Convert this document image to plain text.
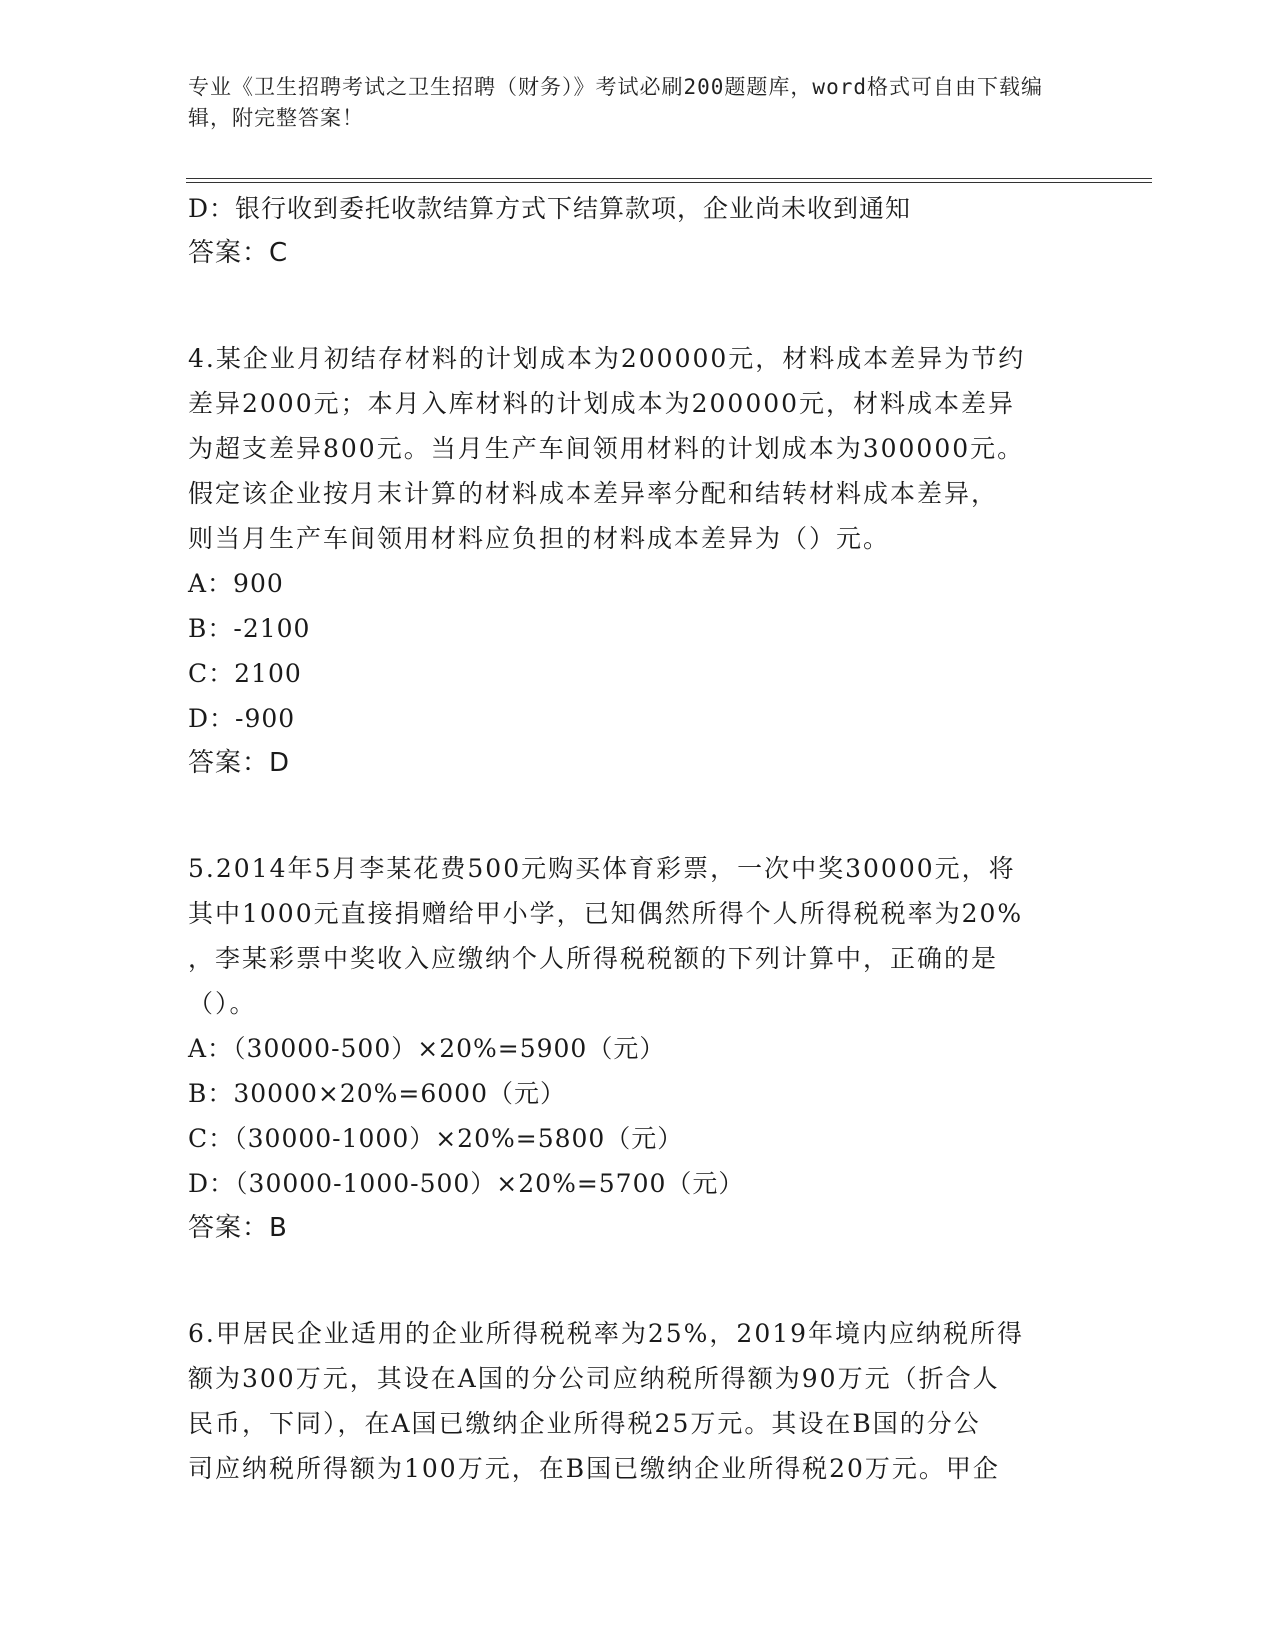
专业《卫生招聘考试之卫生招聘（财务）》考试必刷200题题库，word格式可自由下载编辑，附完整答案！
D：银行收到委托收款结算方式下结算款项，企业尚未收到通知
答案：C
4.某企业月初结存材料的计划成本为200000元，材料成本差异为节约
差异2000元；本月入库材料的计划成本为200000元，材料成本差异
为超支差异800元。当月生产车间领用材料的计划成本为300000元。
假定该企业按月末计算的材料成本差异率分配和结转材料成本差异，
则当月生产车间领用材料应负担的材料成本差异为（）元。
A：900
B：-2100
C：2100
D：-900
答案：D
5.2014年5月李某花费500元购买体育彩票，一次中奖30000元，将
其中1000元直接捐赠给甲小学，已知偶然所得个人所得税税率为20%
，李某彩票中奖收入应缴纳个人所得税税额的下列计算中，正确的是
（）。
A：（30000-500）×20%=5900（元）
B：30000×20%=6000（元）
C：（30000-1000）×20%=5800（元）
D：（30000-1000-500）×20%=5700（元）
答案：B
6.甲居民企业适用的企业所得税税率为25%，2019年境内应纳税所得
额为300万元，其设在A国的分公司应纳税所得额为90万元（折合人
民币，下同），在A国已缴纳企业所得税25万元。其设在B国的分公
司应纳税所得额为100万元，在B国已缴纳企业所得税20万元。甲企
